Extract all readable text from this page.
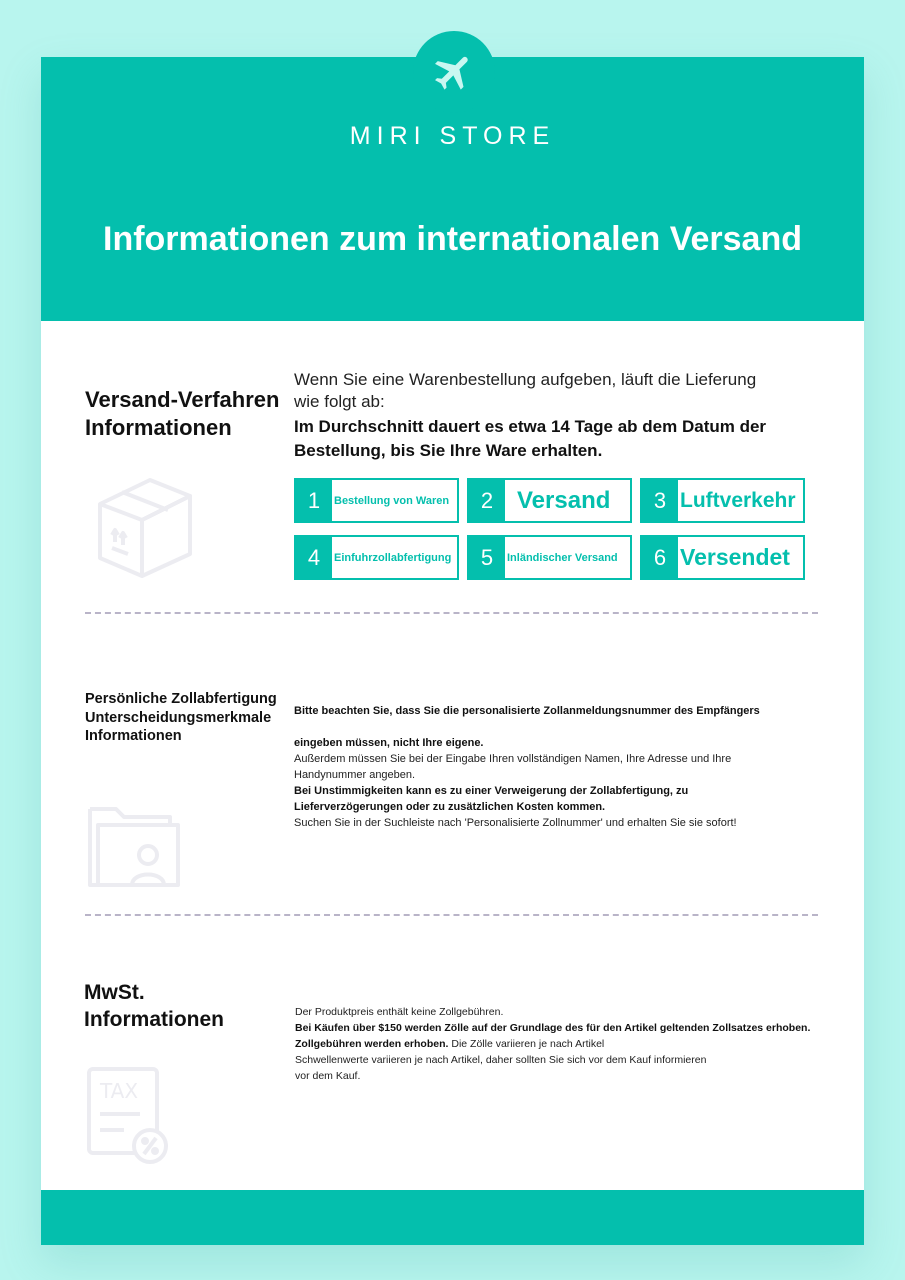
MIRI STORE
Informationen zum internationalen Versand
Versand-Verfahren
Informationen
Wenn Sie eine Warenbestellung aufgeben, läuft die Lieferung
wie folgt ab:
Im Durchschnitt dauert es etwa 14 Tage ab dem Datum der
Bestellung, bis Sie Ihre Ware erhalten.
1	Bestellung von Waren	2 Versand	3 Luftverkehr
4	Einfuhrzollabfertigung	5	Inländischer Versand	6 Versendet
Persönliche Zollabfertigung
Unterscheidungsmerkmale
Informationen
Bitte beachten Sie, dass Sie die personalisierte Zollanmeldungsnummer des Empfängers
eingeben müssen, nicht Ihre eigene.
Außerdem müssen Sie bei der Eingabe Ihren vollständigen Namen, Ihre Adresse und Ihre
Handynummer angeben.
Bei Unstimmigkeiten kann es zu einer Verweigerung der Zollabfertigung, zu
Lieferverzögerungen oder zu zusätzlichen Kosten kommen.
Suchen Sie in der Suchleiste nach 'Personalisierte Zollnummer' und erhalten Sie sie sofort!
MwSt.
Informationen
TAX
Der Produktpreis enthält keine Zollgebühren.
Bei Käufen über $150 werden Zölle auf der Grundlage des für den Artikel geltenden Zollsatzes erhoben.
Zollgebühren werden erhoben. Die Zölle variieren je nach Artikel
Schwellenwerte variieren je nach Artikel, daher sollten Sie sich vor dem Kauf informieren
vor dem Kauf.
